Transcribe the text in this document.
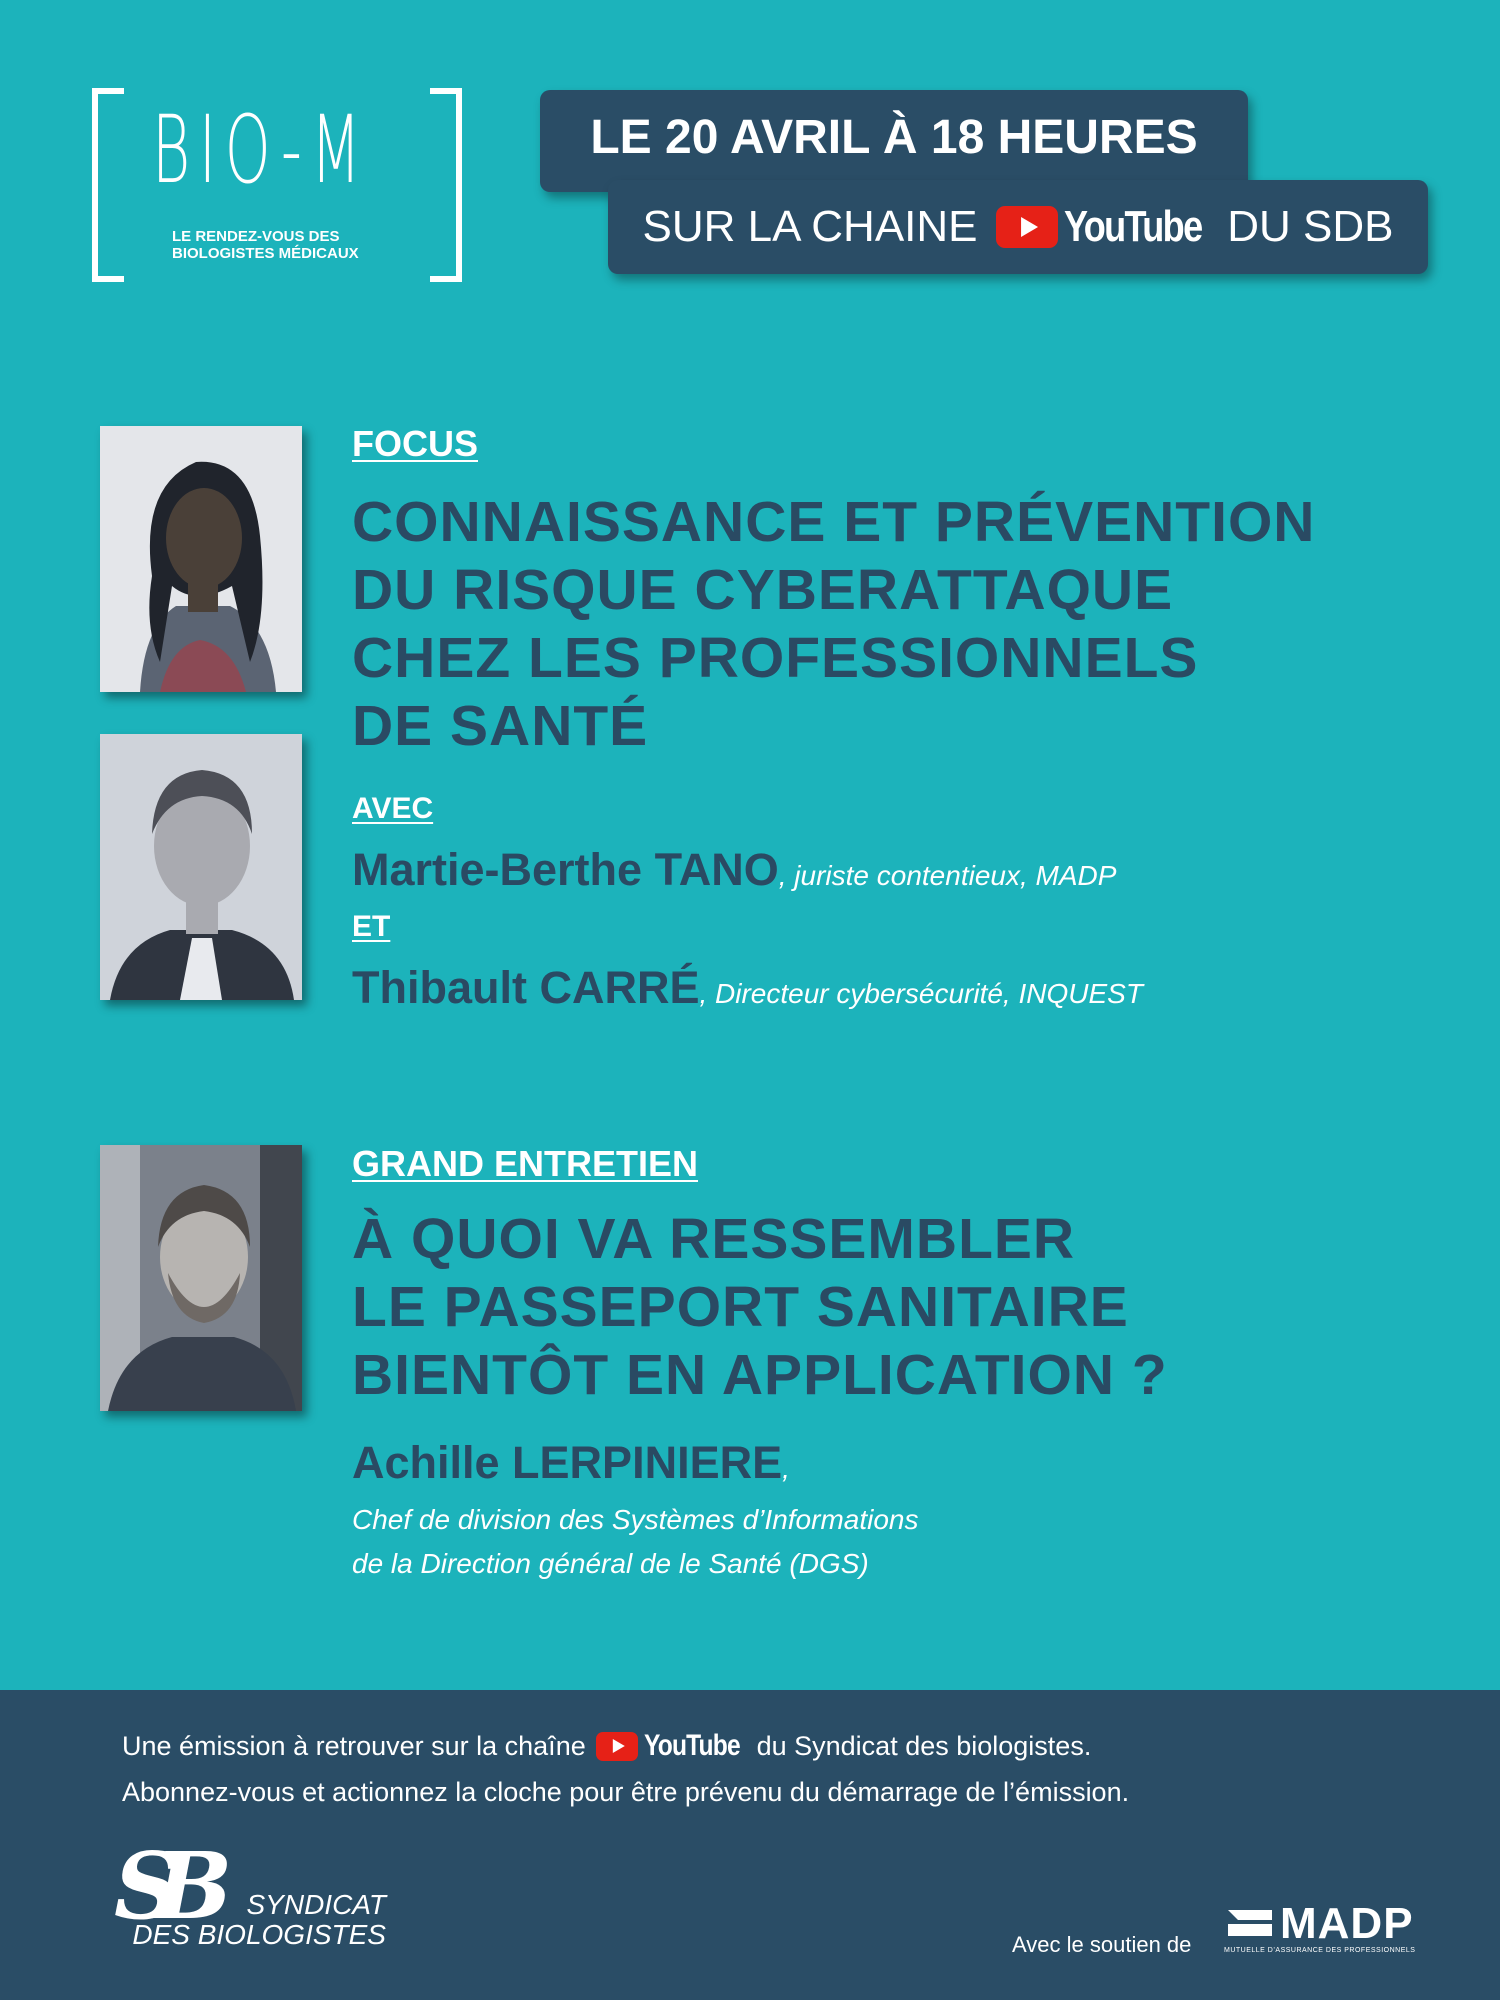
BIO-M
LE RENDEZ-VOUS DES
BIOLOGISTES MÉDICAUX
LE 20 AVRIL À 18 HEURES
SUR LA CHAINE YouTube DU SDB
FOCUS
CONNAISSANCE ET PRÉVENTION
DU RISQUE CYBERATTAQUE
CHEZ LES PROFESSIONNELS
DE SANTÉ
AVEC
Martie-Berthe TANO, juriste contentieux, MADP
ET
Thibault CARRÉ, Directeur cybersécurité, INQUEST
GRAND ENTRETIEN
À QUOI VA RESSEMBLER
LE PASSEPORT SANITAIRE
BIENTÔT EN APPLICATION ?
Achille LERPINIERE,
Chef de division des Systèmes d’Informations
de la Direction général de le Santé (DGS)
Une émission à retrouver sur la chaîne YouTube du Syndicat des biologistes.
Abonnez-vous et actionnez la cloche pour être prévenu du démarrage de l’émission.
SB	SYNDICAT
DES BIOLOGISTES	Avec le soutien de MADP
MUTUELLE D’ASSURANCE DES PROFESSIONNELS
